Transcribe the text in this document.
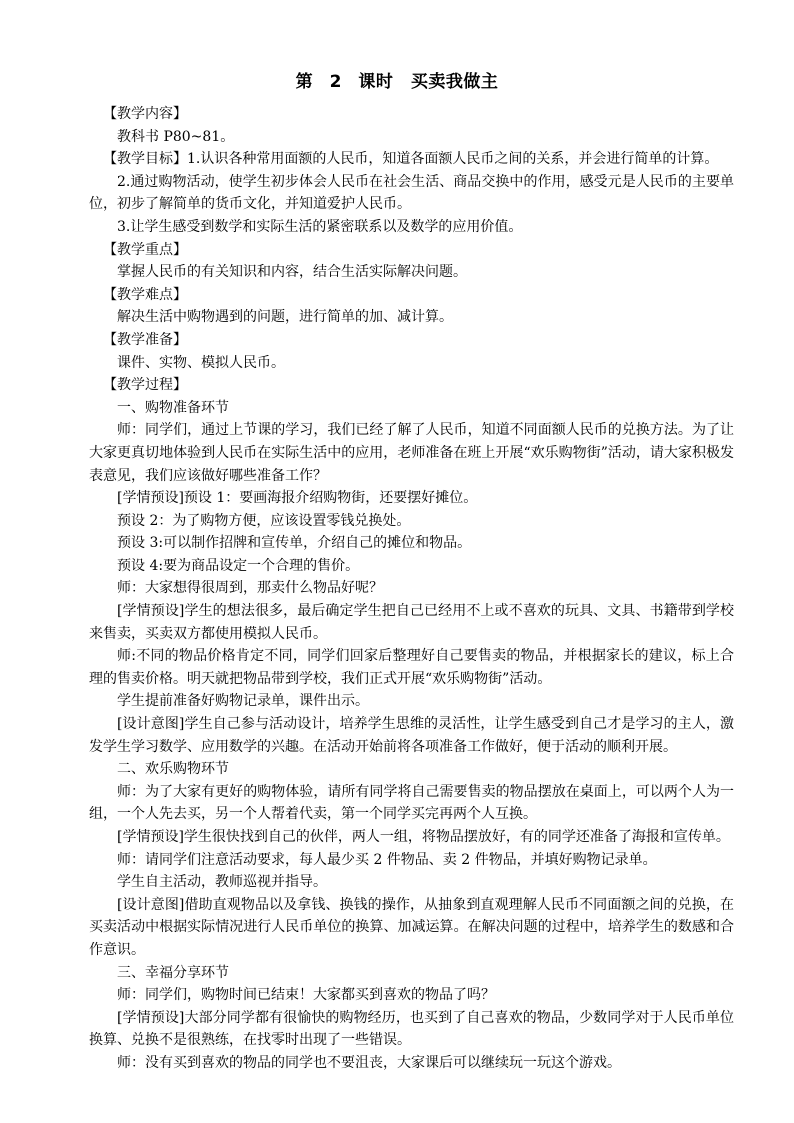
第 2 课时　买卖我做主

【教学内容】

教科书 P80~81。

【教学目标】1.认识各种常用面额的人民币，知道各面额人民币之间的关系，并会进行简单的计算。

2.通过购物活动，使学生初步体会人民币在社会生活、商品交换中的作用，感受元是人民币的主要单位，初步了解简单的货币文化，并知道爱护人民币。

3.让学生感受到数学和实际生活的紧密联系以及数学的应用价值。

【教学重点】

掌握人民币的有关知识和内容，结合生活实际解决问题。

【教学难点】

解决生活中购物遇到的问题，进行简单的加、减计算。

【教学准备】

课件、实物、模拟人民币。

【教学过程】

一、购物准备环节

师：同学们，通过上节课的学习，我们已经了解了人民币，知道不同面额人民币的兑换方法。为了让大家更真切地体验到人民币在实际生活中的应用，老师准备在班上开展“欢乐购物街”活动，请大家积极发表意见，我们应该做好哪些准备工作？

[学情预设]预设 1：要画海报介绍购物街，还要摆好摊位。

预设 2：为了购物方便，应该设置零钱兑换处。

预设 3:可以制作招牌和宣传单，介绍自己的摊位和物品。

预设 4:要为商品设定一个合理的售价。

师：大家想得很周到，那卖什么物品好呢？

[学情预设]学生的想法很多，最后确定学生把自己已经用不上或不喜欢的玩具、文具、书籍带到学校来售卖，买卖双方都使用模拟人民币。

师:不同的物品价格肯定不同，同学们回家后整理好自己要售卖的物品，并根据家长的建议，标上合理的售卖价格。明天就把物品带到学校，我们正式开展“欢乐购物街”活动。

学生提前准备好购物记录单，课件出示。

[设计意图]学生自己参与活动设计，培养学生思维的灵活性，让学生感受到自己才是学习的主人，激发学生学习数学、应用数学的兴趣。在活动开始前将各项准备工作做好，便于活动的顺利开展。

二、欢乐购物环节

师：为了大家有更好的购物体验，请所有同学将自己需要售卖的物品摆放在桌面上，可以两个人为一组，一个人先去买，另一个人帮着代卖，第一个同学买完再两个人互换。

[学情预设]学生很快找到自己的伙伴，两人一组，将物品摆放好，有的同学还准备了海报和宣传单。

师：请同学们注意活动要求，每人最少买 2 件物品、卖 2 件物品，并填好购物记录单。

学生自主活动，教师巡视并指导。

[设计意图]借助直观物品以及拿钱、换钱的操作，从抽象到直观理解人民币不同面额之间的兑换，在买卖活动中根据实际情况进行人民币单位的换算、加减运算。在解决问题的过程中，培养学生的数感和合作意识。

三、幸福分享环节

师：同学们，购物时间已结束！大家都买到喜欢的物品了吗？

[学情预设]大部分同学都有很愉快的购物经历，也买到了自己喜欢的物品，少数同学对于人民币单位换算、兑换不是很熟练，在找零时出现了一些错误。

师：没有买到喜欢的物品的同学也不要沮丧，大家课后可以继续玩一玩这个游戏。
